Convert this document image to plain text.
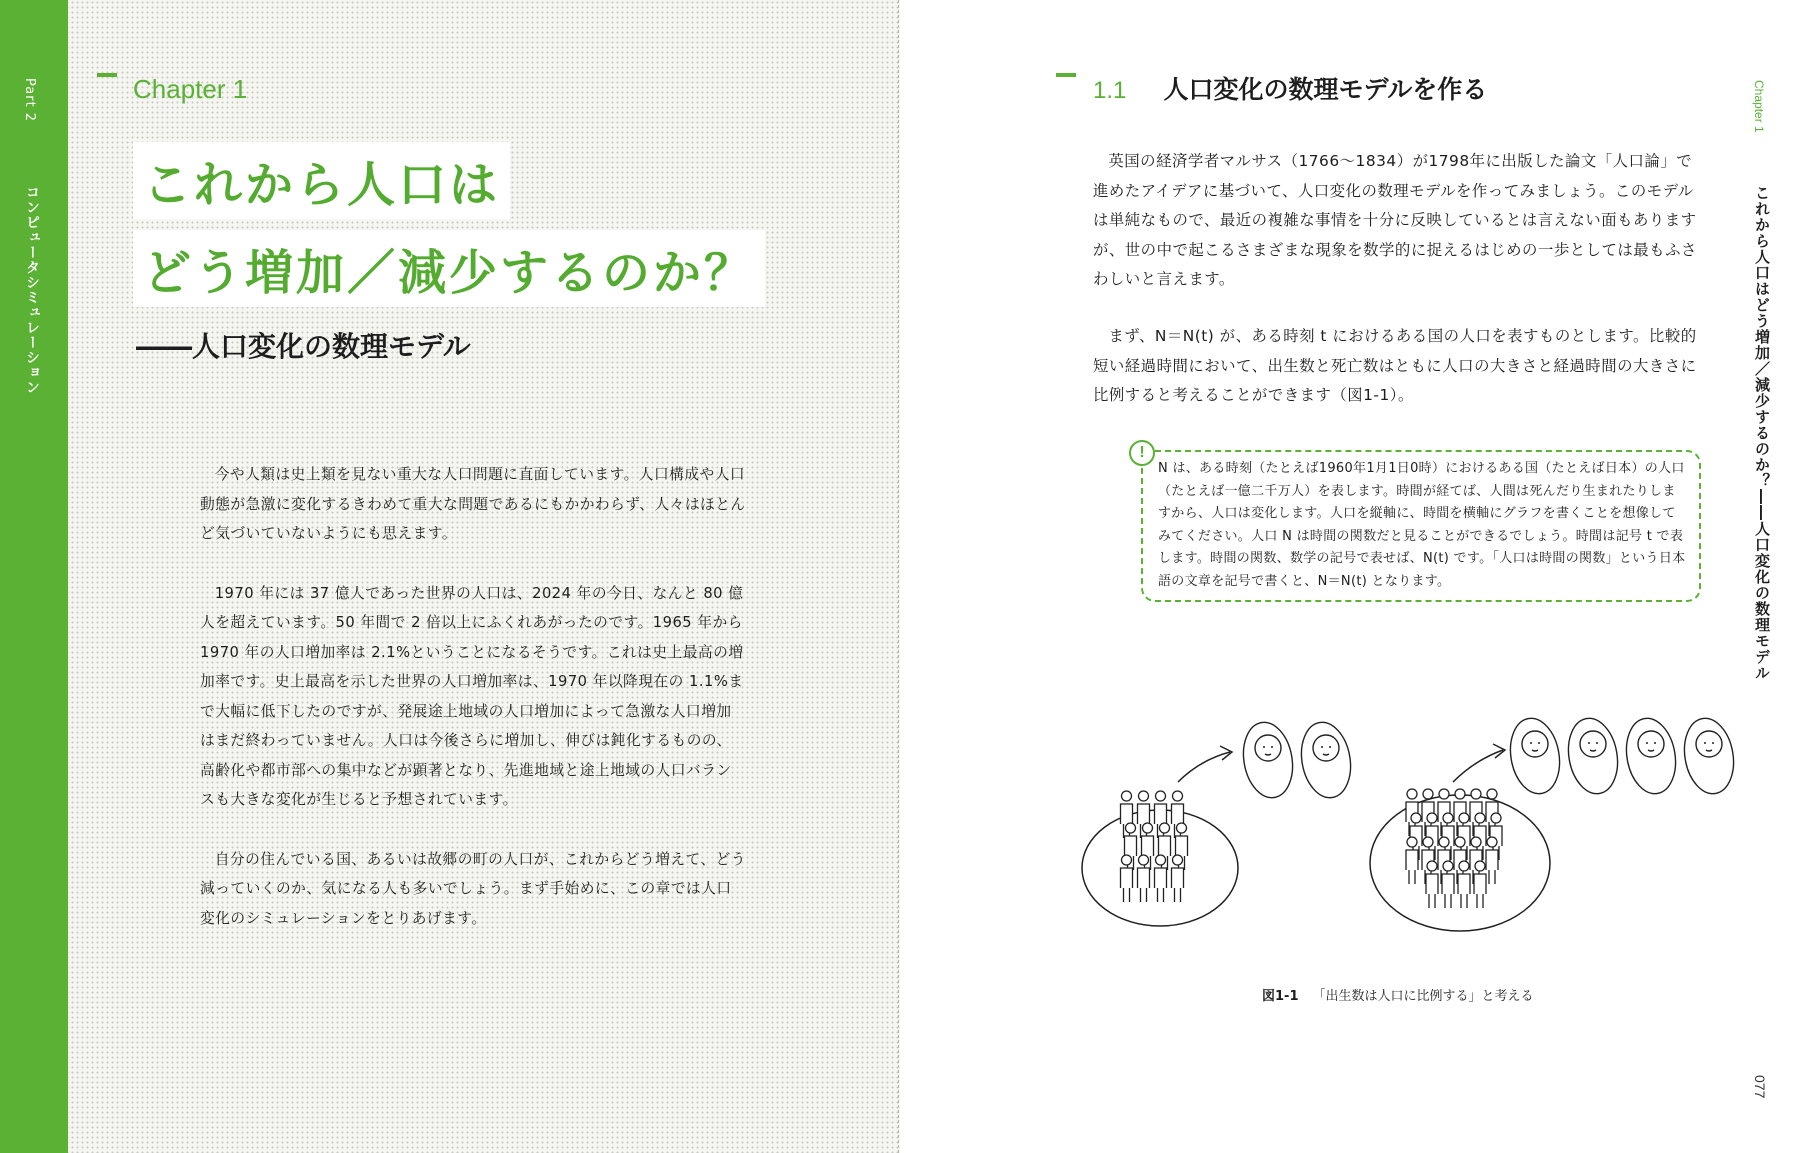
Part 2
コンピュータシミュレーション
Chapter 1
これから人口は
どう増加／減少するのか？
――人口変化の数理モデル

今や人類は史上類を見ない重大な人口問題に直面しています。人口構成や人口動態が急激に変化するきわめて重大な問題であるにもかかわらず、人々はほとんど気づいていないようにも思えます。

1970 年には 37 億人であった世界の人口は、2024 年の今日、なんと 80 億人を超えています。50 年間で 2 倍以上にふくれあがったのです。1965 年から 1970 年の人口増加率は 2.1%ということになるそうです。これは史上最高の増加率です。史上最高を示した世界の人口増加率は、1970 年以降現在の 1.1%まで大幅に低下したのですが、発展途上地域の人口増加によって急激な人口増加はまだ終わっていません。人口は今後さらに増加し、伸びは鈍化するものの、高齢化や都市部への集中などが顕著となり、先進地域と途上地域の人口バランスも大きな変化が生じると予想されています。

自分の住んでいる国、あるいは故郷の町の人口が、これからどう増えて、どう減っていくのか、気になる人も多いでしょう。まず手始めに、この章では人口変化のシミュレーションをとりあげます。

1.1 人口変化の数理モデルを作る

英国の経済学者マルサス（1766～1834）が1798年に出版した論文「人口論」で進めたアイデアに基づいて、人口変化の数理モデルを作ってみましょう。このモデルは単純なもので、最近の複雑な事情を十分に反映しているとは言えない面もありますが、世の中で起こるさまざまな現象を数学的に捉えるはじめの一歩としては最もふさわしいと言えます。

まず、N＝N(t) が、ある時刻 t におけるある国の人口を表すものとします。比較的短い経過時間において、出生数と死亡数はともに人口の大きさと経過時間の大きさに比例すると考えることができます（図1-1）。

!
N は、ある時刻（たとえば1960年1月1日0時）におけるある国（たとえば日本）の人口（たとえば一億二千万人）を表します。時間が経てば、人間は死んだり生まれたりしますから、人口は変化します。人口を縦軸に、時間を横軸にグラフを書くことを想像してみてください。人口 N は時間の関数だと見ることができるでしょう。時間は記号 t で表します。時間の関数、数学の記号で表せば、N(t) です。「人口は時間の関数」という日本語の文章を記号で書くと、N＝N(t) となります。
図1-1 「出生数は人口に比例する」と考える
Chapter 1
これから人口はどう増加／減少するのか？――人口変化の数理モデル
077
